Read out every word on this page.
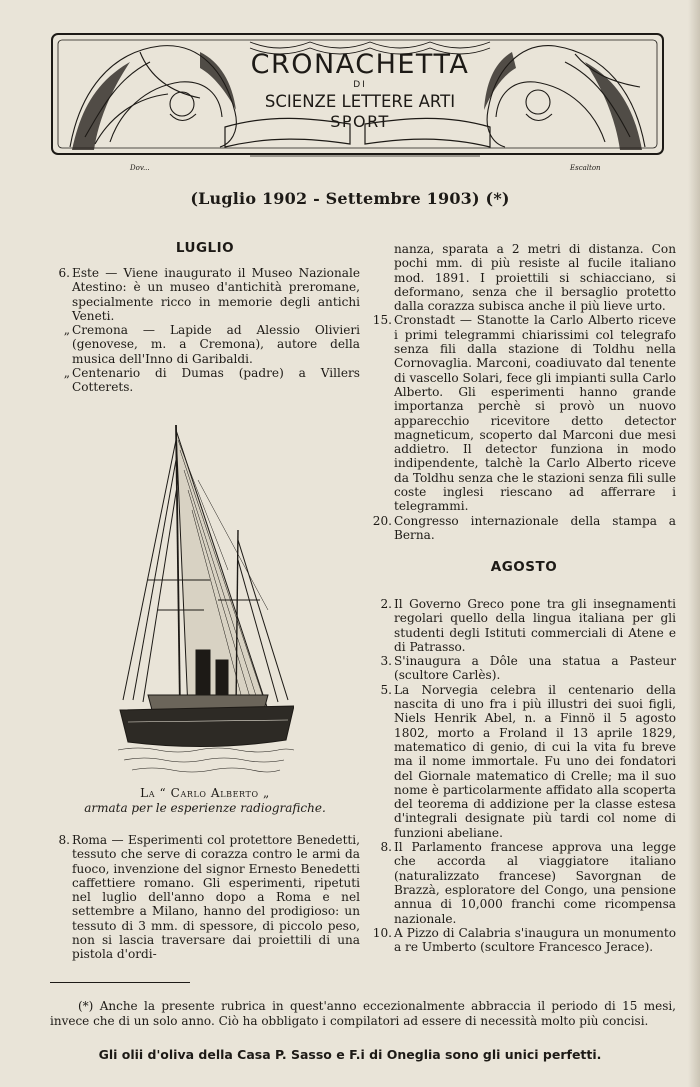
Dov...	Escalton
CRONACHETTA
DI
SCIENZE LETTERE ARTI
SPORT
(Luglio 1902 - Settembre 1903) (*)
LUGLIO
6. Este — Viene inaugurato il Museo Nazionale Atestino: è un museo d'antichità preromane, specialmente ricco in memorie degli antichi Veneti.

„ Cremona — Lapide ad Alessio Olivieri (genovese, m. a Cremona), autore della musica dell'Inno di Garibaldi.

„ Centenario di Dumas (padre) a Villers Cotterets.

La “ Carlo Alberto „
armata per le esperienze radiografiche.
8. Roma — Esperimenti col protettore Benedetti, tessuto che serve di corazza contro le armi da fuoco, invenzione del signor Ernesto Benedetti caffettiere romano. Gli esperimenti, ripetuti nel luglio dell'anno dopo a Roma e nel settembre a Milano, hanno del prodigioso: un tessuto di 3 mm. di spessore, di piccolo peso, non si lascia traversare dai proiettili di una pistola d'ordi-

nanza, sparata a 2 metri di distanza. Con pochi mm. di più resiste al fucile italiano mod. 1891. I proiettili si schiacciano, si deformano, senza che il bersaglio protetto dalla corazza subisca anche il più lieve urto.

15. Cronstadt — Stanotte la Carlo Alberto riceve i primi telegrammi chiarissimi col telegrafo senza fili dalla stazione di Toldhu nella Cornovaglia. Marconi, coadiuvato dal tenente di vascello Solari, fece gli impianti sulla Carlo Alberto. Gli esperimenti hanno grande importanza perchè si provò un nuovo apparecchio ricevitore detto detector magneticum, scoperto dal Marconi due mesi addietro. Il detector funziona in modo indipendente, talchè la Carlo Alberto riceve da Toldhu senza che le stazioni senza fili sulle coste inglesi riescano ad afferrare i telegrammi.

20. Congresso internazionale della stampa a Berna.

AGOSTO
2. Il Governo Greco pone tra gli insegnamenti regolari quello della lingua italiana per gli studenti degli Istituti commerciali di Atene e di Patrasso.

3. S'inaugura a Dôle una statua a Pasteur (scultore Carlès).

5. La Norvegia celebra il centenario della nascita di uno fra i più illustri dei suoi figli, Niels Henrik Abel, n. a Finnö il 5 agosto 1802, morto a Froland il 13 aprile 1829, matematico di genio, di cui la vita fu breve ma il nome immortale. Fu uno dei fondatori del Giornale matematico di Crelle; ma il suo nome è particolarmente affidato alla scoperta del teorema di addizione per la classe estesa d'integrali designate più tardi col nome di funzioni abeliane.

8. Il Parlamento francese approva una legge che accorda al viaggiatore italiano (naturalizzato francese) Savorgnan de Brazzà, esploratore del Congo, una pensione annua di 10,000 franchi come ricompensa nazionale.

10. A Pizzo di Calabria s'inaugura un monumento a re Umberto (scultore Francesco Jerace).

(*) Anche la presente rubrica in quest'anno eccezionalmente abbraccia il periodo di 15 mesi, invece che di un solo anno. Ciò ha obbligato i compilatori ad essere di necessità molto più concisi.
Gli olii d'oliva della Casa P. Sasso e F.i di Oneglia sono gli unici perfetti.
